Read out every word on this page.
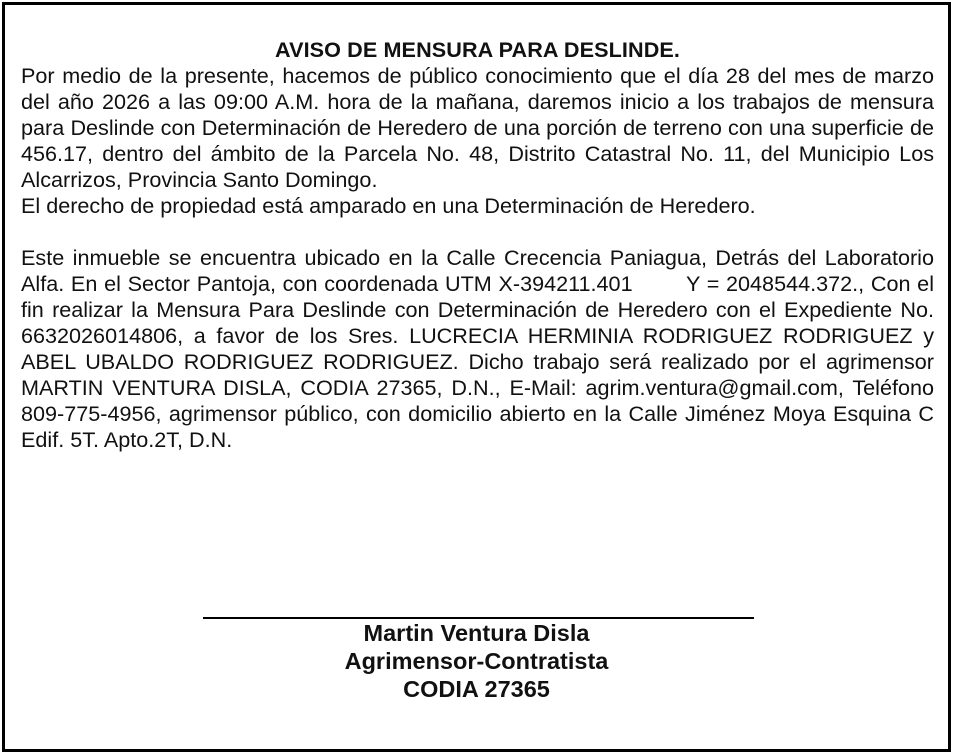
AVISO DE MENSURA PARA DESLINDE.
Por medio de la presente, hacemos de público conocimiento que el día 28 del mes de marzo del año 2026 a las 09:00 A.M. hora de la mañana, daremos inicio a los trabajos de mensura para Deslinde con Determinación de Heredero de una porción de terreno con una superficie de 456.17, dentro del ámbito de la Parcela No. 48, Distrito Catastral No. 11, del Municipio Los Alcarrizos, Provincia Santo Domingo.
El derecho de propiedad está amparado en una Determinación de Heredero.
Este inmueble se encuentra ubicado en la Calle Crecencia Paniagua, Detrás del Laboratorio Alfa. En el Sector Pantoja, con coordenada UTM X-394211.401        Y = 2048544.372., Con el fin realizar la Mensura Para Deslinde con Determinación de Heredero con el Expediente No. 6632026014806, a favor de los Sres. LUCRECIA HERMINIA RODRIGUEZ RODRIGUEZ y ABEL UBALDO RODRIGUEZ RODRIGUEZ. Dicho trabajo será realizado por el agrimensor MARTIN VENTURA DISLA, CODIA 27365, D.N., E-Mail: agrim.ventura@gmail.com, Teléfono 809-775-4956, agrimensor público, con domicilio abierto en la Calle Jiménez Moya Esquina C Edif. 5T. Apto.2T, D.N.
Martin Ventura Disla
Agrimensor-Contratista
CODIA 27365
